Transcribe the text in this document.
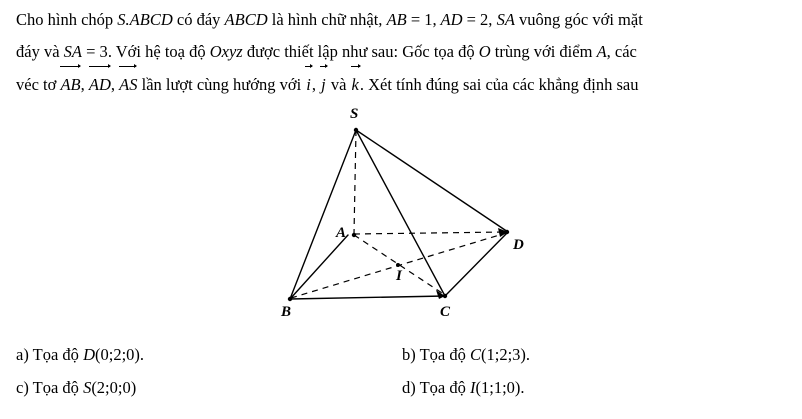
Cho hình chóp S.ABCD có đáy ABCD là hình chữ nhật, AB = 1, AD = 2, SA vuông góc với mặt
đáy và SA = 3. Với hệ toạ độ Oxyz được thiết lập như sau: Gốc tọa độ O trùng với điểm A, các
véc tơ AB, AD, AS lần lượt cùng hướng với i, j và k. Xét tính đúng sai của các khẳng định sau
S
A
B	C
D
I
a) Tọa độ D(0;2;0).	b) Tọa độ C(1;2;3).
c) Tọa độ S(2;0;0)	d) Tọa độ I(1;1;0).
